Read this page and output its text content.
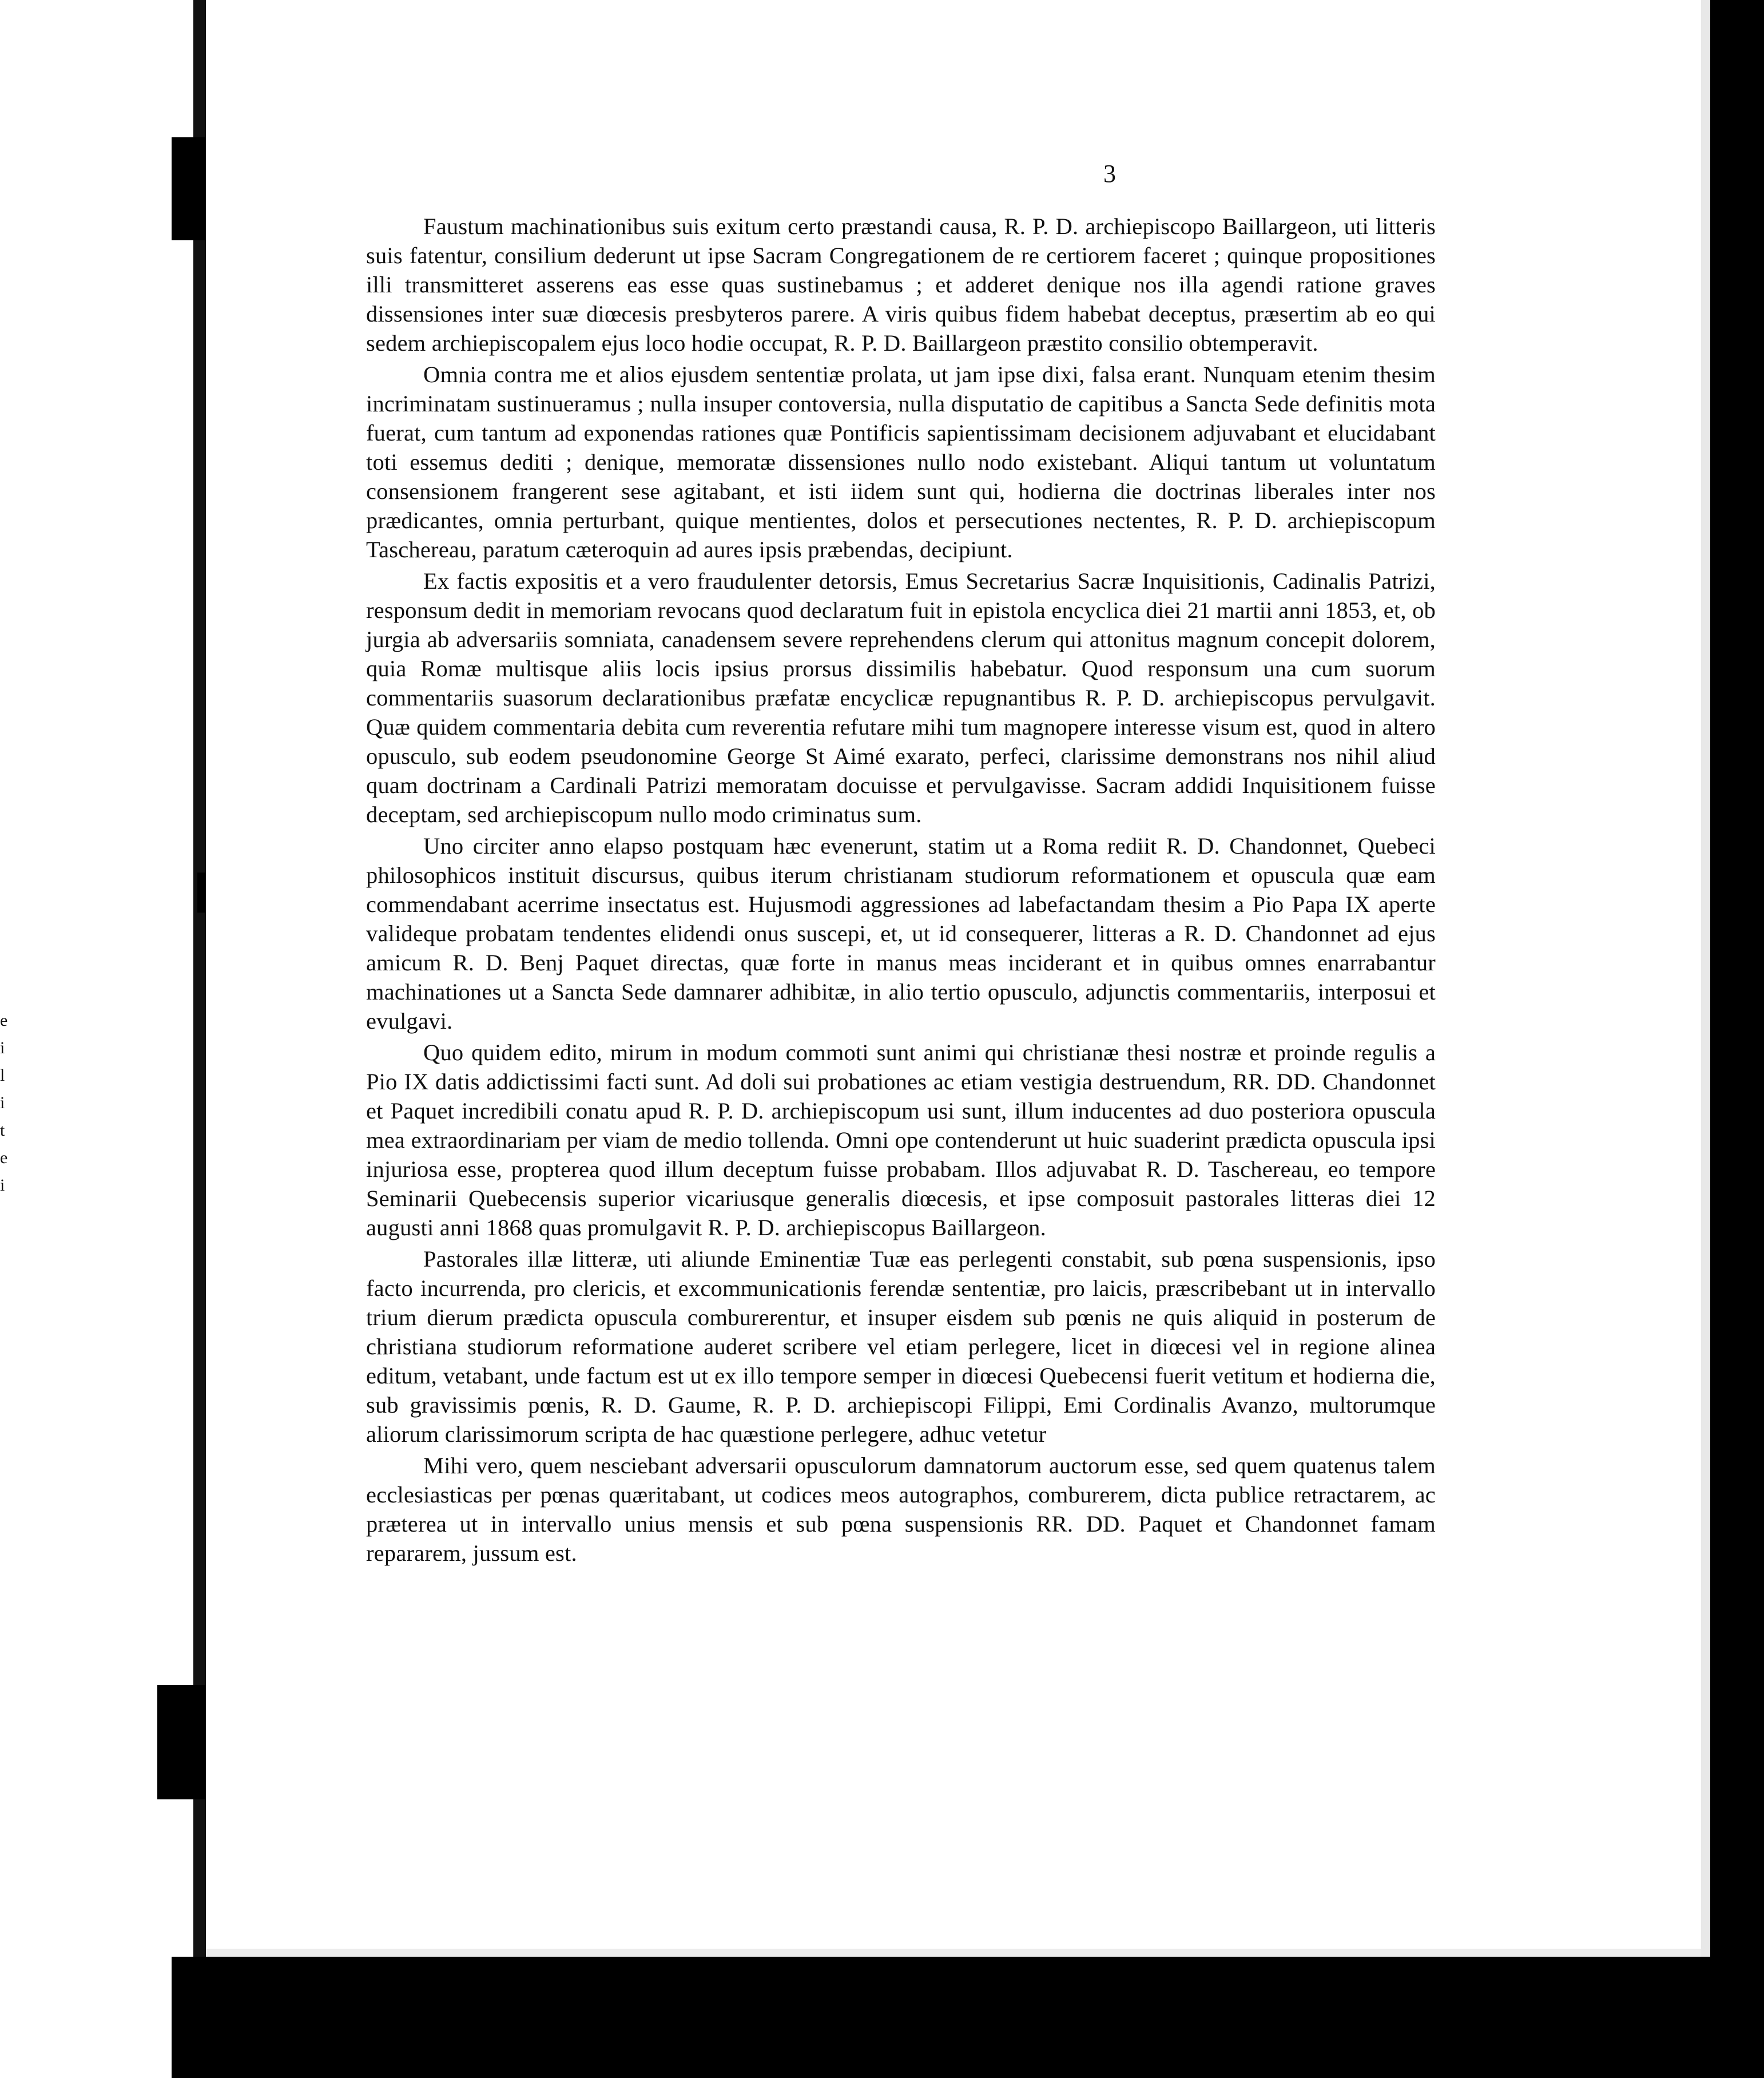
e
i
l
i
t
e
i
3

Faustum machinationibus suis exitum certo præstandi causa, R. P. D. archiepiscopo Baillargeon, uti litteris suis fatentur, consilium dederunt ut ipse Sacram Congregationem de re certiorem faceret ; quinque propositiones illi transmitteret asserens eas esse quas sustinebamus ; et adderet denique nos illa agendi ratione graves dissensiones inter suæ diœcesis presbyteros parere. A viris quibus fidem habebat deceptus, præsertim ab eo qui sedem archiepiscopalem ejus loco hodie occupat, R. P. D. Baillargeon præstito consilio obtemperavit.

Omnia contra me et alios ejusdem sententiæ prolata, ut jam ipse dixi, falsa erant. Nunquam etenim thesim incriminatam sustinueramus ; nulla insuper contoversia, nulla disputatio de capitibus a Sancta Sede definitis mota fuerat, cum tantum ad exponendas rationes quæ Pontificis sapientissimam decisionem adjuvabant et elucidabant toti essemus dediti ; denique, memoratæ dissensiones nullo nodo existebant. Aliqui tantum ut voluntatum consensionem frangerent sese agitabant, et isti iidem sunt qui, hodierna die doctrinas liberales inter nos prædicantes, omnia perturbant, quique mentientes, dolos et persecutiones nectentes, R. P. D. archiepiscopum Taschereau, paratum cæteroquin ad aures ipsis præbendas, decipiunt.

Ex factis expositis et a vero fraudulenter detorsis, Emus Secretarius Sacræ Inquisitionis, Cadinalis Patrizi, responsum dedit in memoriam revocans quod declaratum fuit in epistola encyclica diei 21 martii anni 1853, et, ob jurgia ab adversariis somniata, canadensem severe reprehendens clerum qui attonitus magnum concepit dolorem, quia Romæ multisque aliis locis ipsius prorsus dissimilis habebatur. Quod responsum una cum suorum commentariis suasorum declarationibus præfatæ encyclicæ repugnantibus R. P. D. archiepiscopus pervulgavit. Quæ quidem commentaria debita cum reverentia refutare mihi tum magnopere interesse visum est, quod in altero opusculo, sub eodem pseudonomine George St Aimé exarato, perfeci, clarissime demonstrans nos nihil aliud quam doctrinam a Cardinali Patrizi memoratam docuisse et pervulgavisse. Sacram addidi Inquisitionem fuisse deceptam, sed archiepiscopum nullo modo criminatus sum.

Uno circiter anno elapso postquam hæc evenerunt, statim ut a Roma rediit R. D. Chandonnet, Quebeci philosophicos instituit discursus, quibus iterum christianam studiorum reformationem et opuscula quæ eam commendabant acerrime insectatus est. Hujusmodi aggressiones ad labefactandam thesim a Pio Papa IX aperte valideque probatam tendentes elidendi onus suscepi, et, ut id consequerer, litteras a R. D. Chandonnet ad ejus amicum R. D. Benj Paquet directas, quæ forte in manus meas inciderant et in quibus omnes enarrabantur machinationes ut a Sancta Sede damnarer adhibitæ, in alio tertio opusculo, adjunctis commentariis, interposui et evulgavi.

Quo quidem edito, mirum in modum commoti sunt animi qui christianæ thesi nostræ et proinde regulis a Pio IX datis addictissimi facti sunt. Ad doli sui probationes ac etiam vestigia destruendum, RR. DD. Chandonnet et Paquet incredibili conatu apud R. P. D. archiepiscopum usi sunt, illum inducentes ad duo posteriora opuscula mea extraordinariam per viam de medio tollenda. Omni ope contenderunt ut huic suaderint prædicta opuscula ipsi injuriosa esse, propterea quod illum deceptum fuisse probabam. Illos adjuvabat R. D. Taschereau, eo tempore Seminarii Quebecensis superior vicariusque generalis diœcesis, et ipse composuit pastorales litteras diei 12 augusti anni 1868 quas promulgavit R. P. D. archiepiscopus Baillargeon.

Pastorales illæ litteræ, uti aliunde Eminentiæ Tuæ eas perlegenti constabit, sub pœna suspensionis, ipso facto incurrenda, pro clericis, et excommunicationis ferendæ sententiæ, pro laicis, præscribebant ut in intervallo trium dierum prædicta opuscula comburerentur, et insuper eisdem sub pœnis ne quis aliquid in posterum de christiana studiorum reformatione auderet scribere vel etiam perlegere, licet in diœcesi vel in regione alinea editum, vetabant, unde factum est ut ex illo tempore semper in diœcesi Quebecensi fuerit vetitum et hodierna die, sub gravissimis pœnis, R. D. Gaume, R. P. D. archiepiscopi Filippi, Emi Cordinalis Avanzo, multorumque aliorum clarissimorum scripta de hac quæstione perlegere, adhuc vetetur

Mihi vero, quem nesciebant adversarii opusculorum damnatorum auctorum esse, sed quem quatenus talem ecclesiasticas per pœnas quæritabant, ut codices meos autographos, comburerem, dicta publice retractarem, ac præterea ut in intervallo unius mensis et sub pœna suspensionis RR. DD. Paquet et Chandonnet famam repararem, jussum est.
